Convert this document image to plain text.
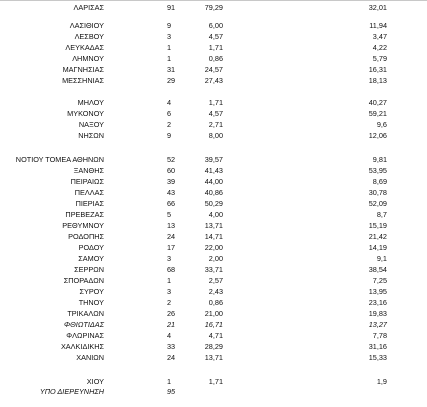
ΛΑΡΙΣΑΣ	91	79,29	32,01
ΛΑΣΙΘΙΟΥ	9	6,00	11,94
ΛΕΣΒΟΥ	3	4,57	3,47
ΛΕΥΚΑΔΑΣ	1	1,71	4,22
ΛΗΜΝΟΥ	1	0,86	5,79
ΜΑΓΝΗΣΙΑΣ	31	24,57	16,31
ΜΕΣΣΗΝΙΑΣ	29	27,43	18,13
ΜΗΛΟΥ	4	1,71	40,27
ΜΥΚΟΝΟΥ	6	4,57	59,21
ΝΑΞΟΥ	2	2,71	9,6
ΝΗΣΩΝ	9	8,00	12,06
ΝΟΤΙΟΥ ΤΟΜΕΑ ΑΘΗΝΩΝ	52	39,57	9,81
ΞΑΝΘΗΣ	60	41,43	53,95
ΠΕΙΡΑΙΩΣ	39	44,00	8,69
ΠΕΛΛΑΣ	43	40,86	30,78
ΠΙΕΡΙΑΣ	66	50,29	52,09
ΠΡΕΒΕΖΑΣ	5	4,00	8,7
ΡΕΘΥΜΝΟΥ	13	13,71	15,19
ΡΟΔΟΠΗΣ	24	14,71	21,42
ΡΟΔΟΥ	17	22,00	14,19
ΣΑΜΟΥ	3	2,00	9,1
ΣΕΡΡΩΝ	68	33,71	38,54
ΣΠΟΡΑΔΩΝ	1	2,57	7,25
ΣΥΡΟΥ	3	2,43	13,95
ΤΗΝΟΥ	2	0,86	23,16
ΤΡΙΚΑΛΩΝ	26	21,00	19,83
ΦΘΙΩΤΙΔΑΣ	21	16,71	13,27
ΦΛΩΡΙΝΑΣ	4	4,71	7,78
ΧΑΛΚΙΔΙΚΗΣ	33	28,29	31,16
ΧΑΝΙΩΝ	24	13,71	15,33
ΧΙΟΥ	1	1,71	1,9
ΥΠΟ ΔΙΕΡΕΥΝΗΣΗ	95
